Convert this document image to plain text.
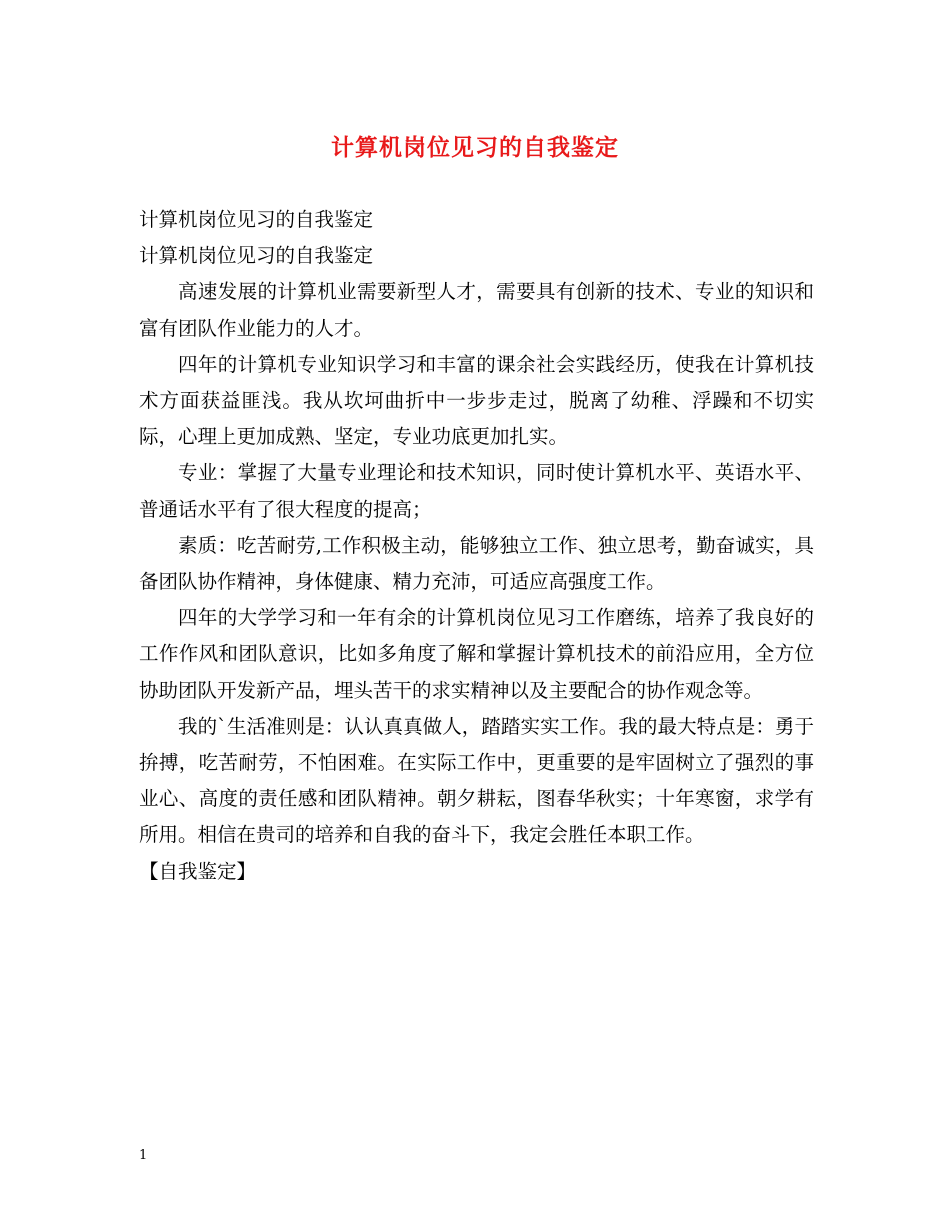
计算机岗位见习的自我鉴定

计算机岗位见习的自我鉴定

计算机岗位见习的自我鉴定

高速发展的计算机业需要新型人才，需要具有创新的技术、专业的知识和富有团队作业能力的人才。

四年的计算机专业知识学习和丰富的课余社会实践经历，使我在计算机技术方面获益匪浅。我从坎坷曲折中一步步走过，脱离了幼稚、浮躁和不切实际，心理上更加成熟、坚定，专业功底更加扎实。

专业：掌握了大量专业理论和技术知识，同时使计算机水平、英语水平、普通话水平有了很大程度的提高；

素质：吃苦耐劳,工作积极主动，能够独立工作、独立思考，勤奋诚实，具备团队协作精神，身体健康、精力充沛，可适应高强度工作。

四年的大学学习和一年有余的计算机岗位见习工作磨练，培养了我良好的工作作风和团队意识，比如多角度了解和掌握计算机技术的前沿应用，全方位协助团队开发新产品，埋头苦干的求实精神以及主要配合的协作观念等。

我的`生活准则是：认认真真做人，踏踏实实工作。我的最大特点是：勇于拚搏，吃苦耐劳，不怕困难。在实际工作中，更重要的是牢固树立了强烈的事业心、高度的责任感和团队精神。朝夕耕耘，图春华秋实；十年寒窗，求学有所用。相信在贵司的培养和自我的奋斗下，我定会胜任本职工作。

【自我鉴定】

1
